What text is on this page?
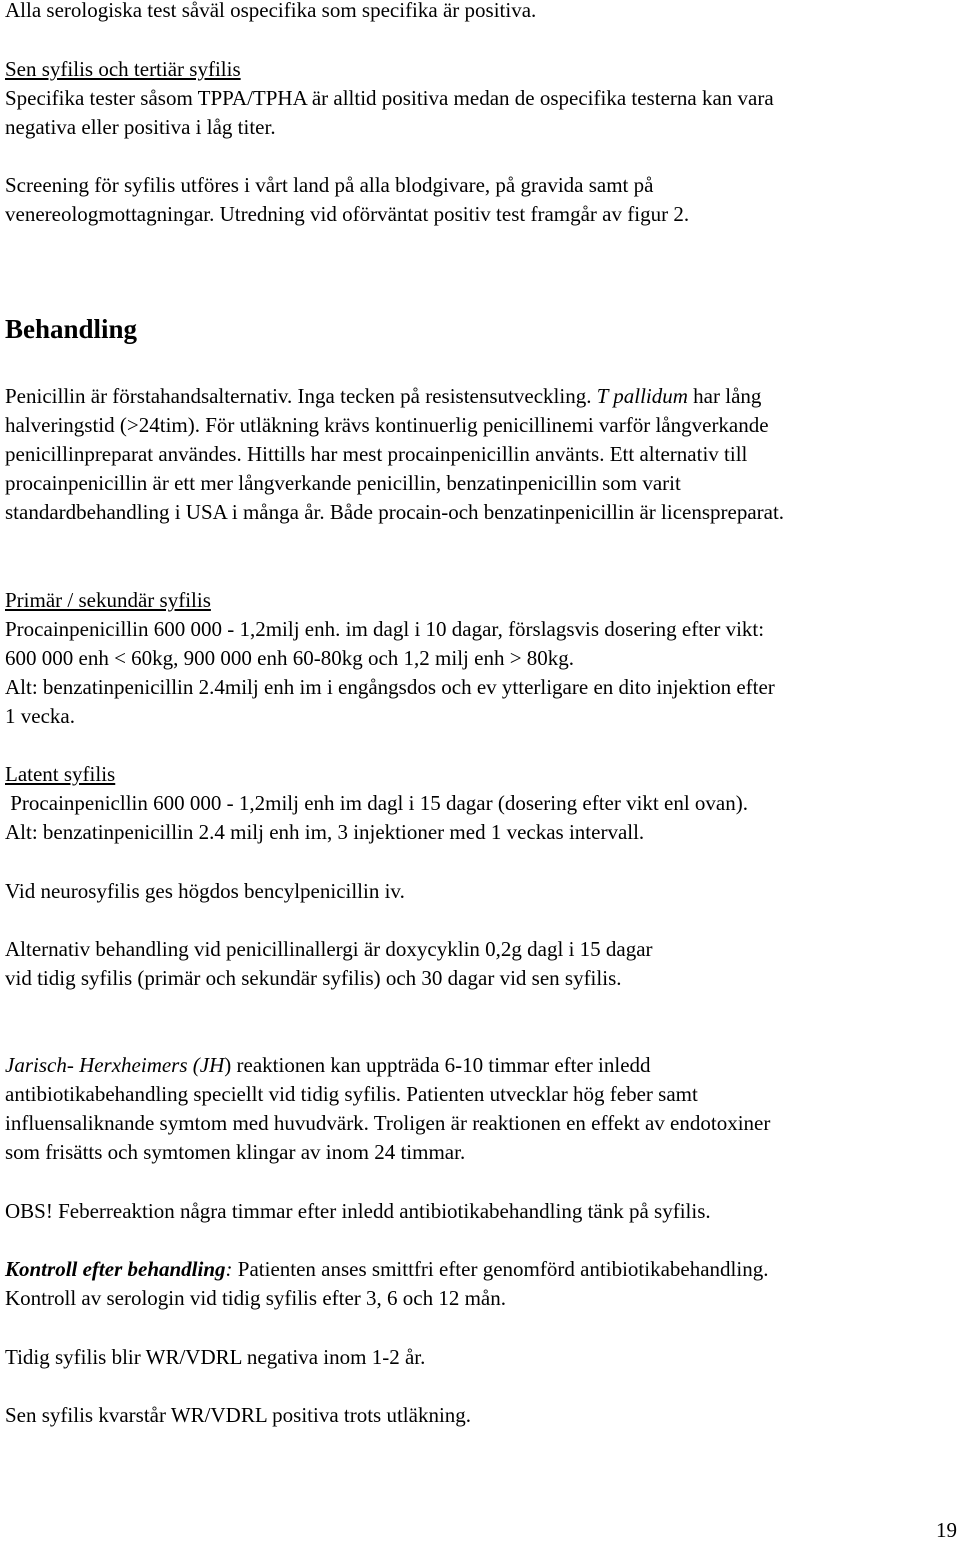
Alla serologiska test såväl ospecifika som specifika är positiva.

Sen syfilis och tertiär syfilis
Specifika tester såsom TPPA/TPHA är alltid positiva medan de ospecifika testerna kan vara
negativa eller positiva i låg titer.

Screening för syfilis utföres i vårt land på alla blodgivare, på gravida samt på
venereologmottagningar. Utredning vid oförväntat positiv test framgår av figur 2.

Behandling

Penicillin är förstahandsalternativ. Inga tecken på resistensutveckling. T pallidum har lång
halveringstid (>24tim). För utläkning krävs kontinuerlig penicillinemi varför långverkande
penicillinpreparat användes. Hittills har mest procainpenicillin använts. Ett alternativ till
procainpenicillin är ett mer långverkande penicillin, benzatinpenicillin som varit
standardbehandling i USA i många år. Både procain-och benzatinpenicillin är licenspreparat.

Primär / sekundär syfilis
Procainpenicillin 600 000 - 1,2milj enh. im dagl i 10 dagar, förslagsvis dosering efter vikt:
600 000 enh < 60kg, 900 000 enh 60-80kg och 1,2 milj enh > 80kg.
Alt: benzatinpenicillin 2.4milj enh im i engångsdos och ev ytterligare en dito injektion efter
1 vecka.
Latent syfilis
Procainpenicllin 600 000 - 1,2milj enh im dagl i 15 dagar (dosering efter vikt enl ovan).
Alt: benzatinpenicillin 2.4 milj enh im, 3 injektioner med 1 veckas intervall.

Vid neurosyfilis ges högdos bencylpenicillin iv.

Alternativ behandling vid penicillinallergi är doxycyklin 0,2g dagl i 15 dagar
vid tidig syfilis (primär och sekundär syfilis) och 30 dagar vid sen syfilis.

Jarisch- Herxheimers (JH) reaktionen kan uppträda 6-10 timmar efter inledd
antibiotikabehandling speciellt vid tidig syfilis. Patienten utvecklar hög feber samt
influensaliknande symtom med huvudvärk. Troligen är reaktionen en effekt av endotoxiner
som frisätts och symtomen klingar av inom 24 timmar.

OBS! Feberreaktion några timmar efter inledd antibiotikabehandling tänk på syfilis.

Kontroll efter behandling: Patienten anses smittfri efter genomförd antibiotikabehandling.
Kontroll av serologin vid tidig syfilis efter 3, 6 och 12 mån.

Tidig syfilis blir WR/VDRL negativa inom 1-2 år.

Sen syfilis kvarstår WR/VDRL positiva trots utläkning.

19
